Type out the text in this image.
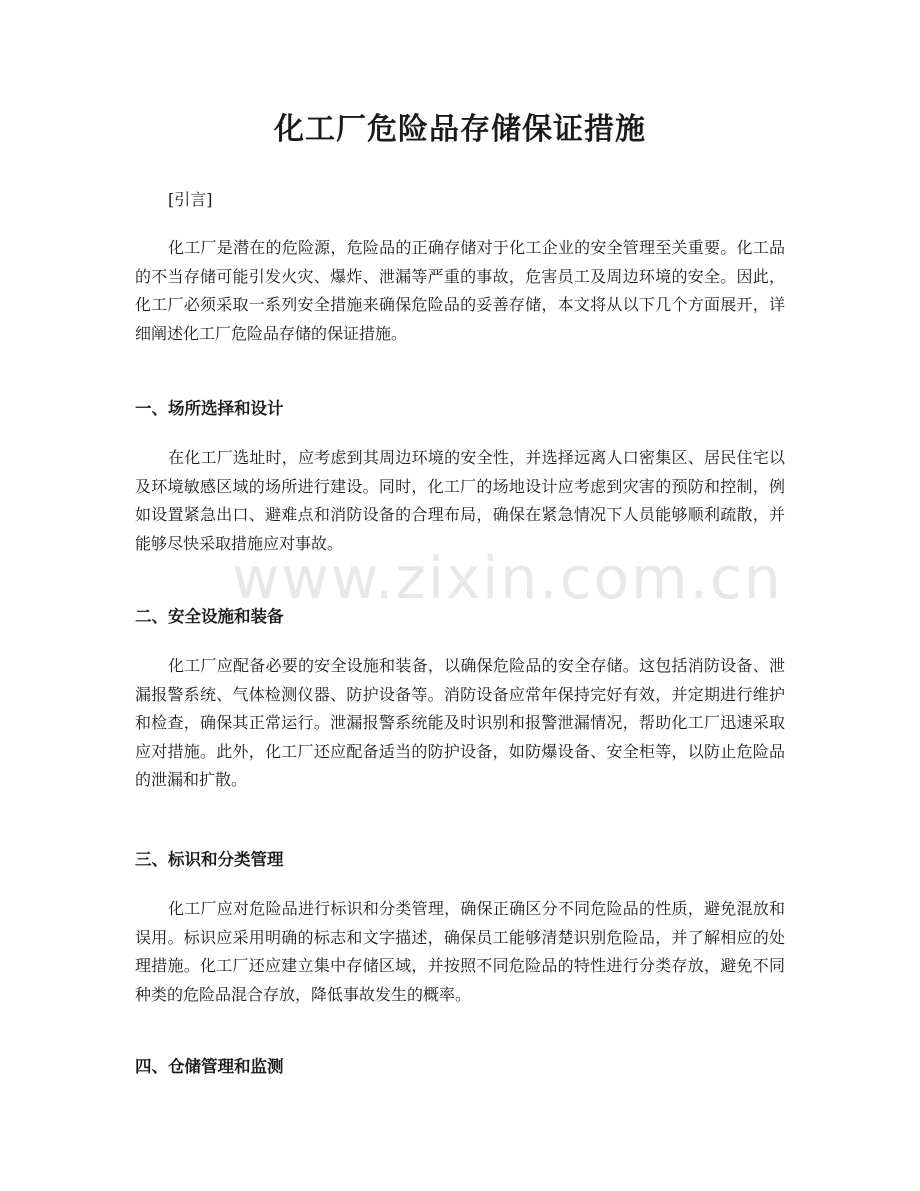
化工厂危险品存储保证措施

[引言]

化工厂是潜在的危险源，危险品的正确存储对于化工企业的安全管理至关重要。化工品的不当存储可能引发火灾、爆炸、泄漏等严重的事故，危害员工及周边环境的安全。因此，化工厂必须采取一系列安全措施来确保危险品的妥善存储，本文将从以下几个方面展开，详细阐述化工厂危险品存储的保证措施。

一、场所选择和设计

在化工厂选址时，应考虑到其周边环境的安全性，并选择远离人口密集区、居民住宅以及环境敏感区域的场所进行建设。同时，化工厂的场地设计应考虑到灾害的预防和控制，例如设置紧急出口、避难点和消防设备的合理布局，确保在紧急情况下人员能够顺利疏散，并能够尽快采取措施应对事故。

二、安全设施和装备

化工厂应配备必要的安全设施和装备，以确保危险品的安全存储。这包括消防设备、泄漏报警系统、气体检测仪器、防护设备等。消防设备应常年保持完好有效，并定期进行维护和检查，确保其正常运行。泄漏报警系统能及时识别和报警泄漏情况，帮助化工厂迅速采取应对措施。此外，化工厂还应配备适当的防护设备，如防爆设备、安全柜等，以防止危险品的泄漏和扩散。

三、标识和分类管理

化工厂应对危险品进行标识和分类管理，确保正确区分不同危险品的性质，避免混放和误用。标识应采用明确的标志和文字描述，确保员工能够清楚识别危险品，并了解相应的处理措施。化工厂还应建立集中存储区域，并按照不同危险品的特性进行分类存放，避免不同种类的危险品混合存放，降低事故发生的概率。

四、仓储管理和监测
www.zixin.com.cn
